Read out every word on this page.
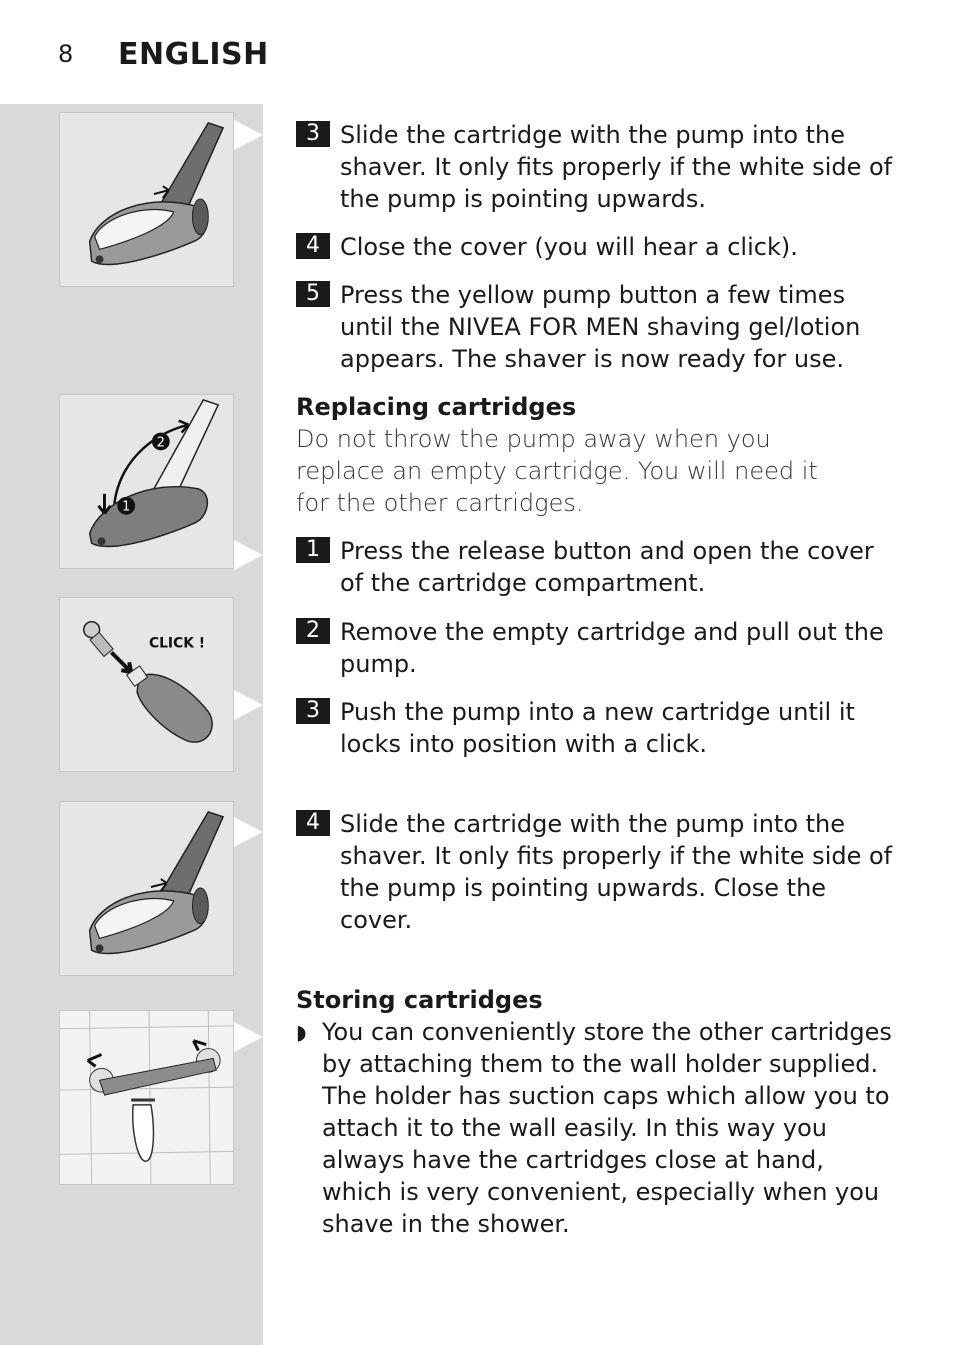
8	ENGLISH
2
1
CLICK !
3 Slide the cartridge with the pump into the shaver. It only fits properly if the white side of the pump is pointing upwards.
4 Close the cover (you will hear a click).
5 Press the yellow pump button a few times until the NIVEA FOR MEN shaving gel/lotion appears. The shaver is now ready for use.
Replacing cartridges
Do not throw the pump away when you replace an empty cartridge. You will need it for the other cartridges.
1 Press the release button and open the cover of the cartridge compartment.
2 Remove the empty cartridge and pull out the pump.
3 Push the pump into a new cartridge until it locks into position with a click.
4 Slide the cartridge with the pump into the shaver. It only fits properly if the white side of the pump is pointing upwards. Close the cover.
Storing cartridges
◗ You can conveniently store the other cartridges by attaching them to the wall holder supplied. The holder has suction caps which allow you to attach it to the wall easily. In this way you always have the cartridges close at hand, which is very convenient, especially when you shave in the shower.
